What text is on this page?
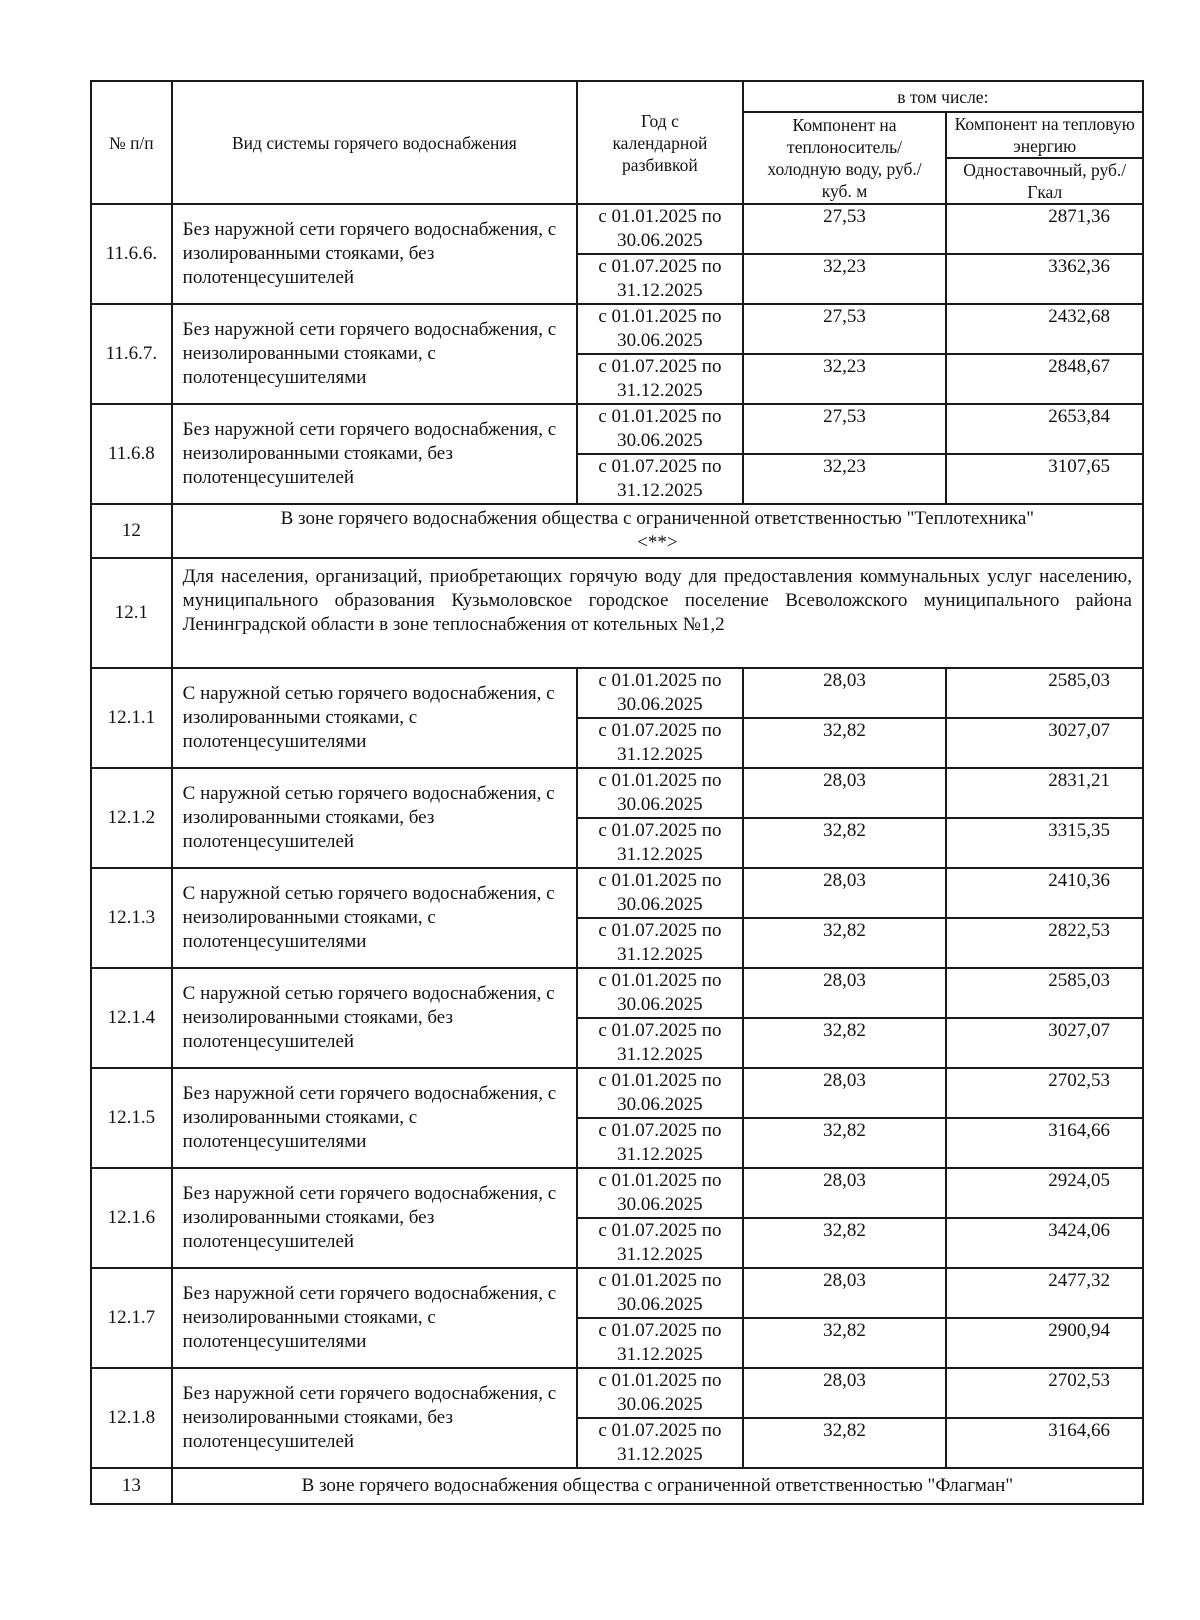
№ п/п	Вид системы горячего водоснабжения	Год с календарной разбивкой	в том числе:	
			Компонент на теплоноситель/ холодную воду, руб./куб. м	Компонент на тепловую энергию
				Одноставочный, руб./Гкал
11.6.6.	Без наружной сети горячего водоснабжения, с изолированными стояками, без полотенцесушителей	с 01.01.2025 по 30.06.2025	27,53	2871,36
		с 01.07.2025 по 31.12.2025	32,23	3362,36
11.6.7.	Без наружной сети горячего водоснабжения, с неизолированными стояками, с полотенцесушителями	с 01.01.2025 по 30.06.2025	27,53	2432,68
		с 01.07.2025 по 31.12.2025	32,23	2848,67
11.6.8	Без наружной сети горячего водоснабжения, с неизолированными стояками, без полотенцесушителей	с 01.01.2025 по 30.06.2025	27,53	2653,84
		с 01.07.2025 по 31.12.2025	32,23	3107,65
12	В зоне горячего водоснабжения общества с ограниченной ответственностью "Теплотехника"<**>			
12.1	Для населения, организаций, приобретающих горячую воду для предоставления коммунальных услуг населению, муниципального образования Кузьмоловское городское поселение Всеволожского муниципального района Ленинградской области в зоне теплоснабжения от котельных №1,2			

12.1.1	С наружной сетью горячего водоснабжения, с изолированными стояками, с полотенцесушителями	с 01.01.2025 по 30.06.2025	28,03	2585,03
		с 01.07.2025 по 31.12.2025	32,82	3027,07
12.1.2	С наружной сетью горячего водоснабжения, с изолированными стояками, без полотенцесушителей	с 01.01.2025 по 30.06.2025	28,03	2831,21
		с 01.07.2025 по 31.12.2025	32,82	3315,35
12.1.3	С наружной сетью горячего водоснабжения, с неизолированными стояками, с полотенцесушителями	с 01.01.2025 по 30.06.2025	28,03	2410,36
		с 01.07.2025 по 31.12.2025	32,82	2822,53
12.1.4	С наружной сетью горячего водоснабжения, с неизолированными стояками, без полотенцесушителей	с 01.01.2025 по 30.06.2025	28,03	2585,03
		с 01.07.2025 по 31.12.2025	32,82	3027,07
12.1.5	Без наружной сети горячего водоснабжения, с изолированными стояками, с полотенцесушителями	с 01.01.2025 по 30.06.2025	28,03	2702,53
		с 01.07.2025 по 31.12.2025	32,82	3164,66
12.1.6	Без наружной сети горячего водоснабжения, с изолированными стояками, без полотенцесушителей	с 01.01.2025 по 30.06.2025	28,03	2924,05
		с 01.07.2025 по 31.12.2025	32,82	3424,06
12.1.7	Без наружной сети горячего водоснабжения, с неизолированными стояками, с полотенцесушителями	с 01.01.2025 по 30.06.2025	28,03	2477,32
		с 01.07.2025 по 31.12.2025	32,82	2900,94
12.1.8	Без наружной сети горячего водоснабжения, с неизолированными стояками, без полотенцесушителей	с 01.01.2025 по 30.06.2025	28,03	2702,53
		с 01.07.2025 по 31.12.2025	32,82	3164,66
13	В зоне горячего водоснабжения общества с ограниченной ответственностью "Флагман"			
